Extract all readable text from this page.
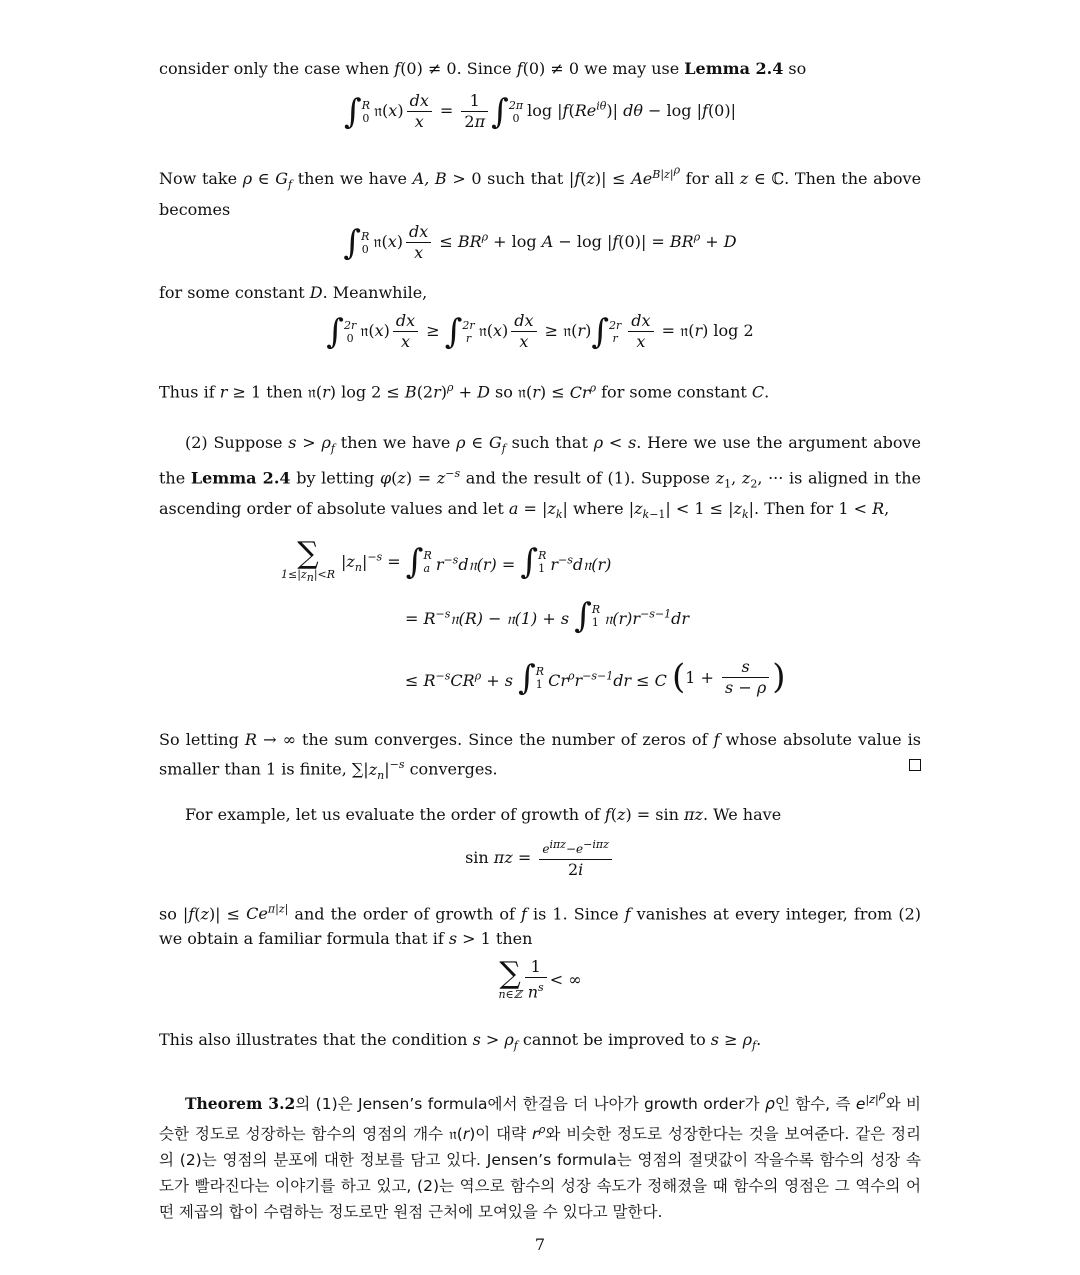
consider only the case when f(0) ≠ 0. Since f(0) ≠ 0 we may use Lemma 2.4 so

∫ R
0 𝔫(x) $\frac{dx}{x} = \frac{1}{2\pi}$ ∫ 2π
0 $\log |f(Re^{i\theta})|$ dθ − log |f(0)|

Now take ρ ∈ $G_f$ then we have A, B > 0 such that $|f(z)| \le Ae^{B|z|^\rho}$ for all z ∈ ℂ. Then the above becomes

∫ R
0 𝔫(x) $\frac{dx}{x} \le BR^\rho + \log A - \log |f(0)| = BR^\rho + D$

for some constant D. Meanwhile,

∫ 2r
0 𝔫(x) $\frac{dx}{x}$ ≥ ∫ 2r
r 𝔫(x) $\frac{dx}{x}$ ≥ 𝔫(r)∫ 2r
r $\frac{dx}{x}$ = 𝔫(r) log 2

Thus if r ≥ 1 then 𝔫(r) $\log 2 \le B(2r)^\rho + D$ so 𝔫(r) ≤ $Cr^\rho$ for some constant C.

(2) Suppose $s > \rho_f$ then we have ρ ∈ $G_f$ such that ρ < s. Here we use the argument above the Lemma 2.4 by letting $\varphi(z) = z^{-s}$ and the result of (1). Suppose $z_1$, $z_2$, ··· is aligned in the ascending order of absolute values and let $a = |z_k|$ where $|z_{k-1}| < 1 \le |z_k|$. Then for 1 < R,

∑
$1\le|z_n|<R$
$|z_n|^{-s}$ = ∫ R
a $r^{-s}d𝔫(r)$ = ∫ R
1 $r^{-s}d𝔫(r)$
= $R^{-s}𝔫(R)$ − 𝔫(1) + s ∫ R
1 $𝔫(r)r^{-s-1}dr$
≤ $R^{-s}CR^\rho + s$ ∫ R
1 $Cr^\rho r^{-s-1}dr \le C$ ($1 + \frac{s}{s - \rho}$ )

So letting R → ∞ the sum converges. Since the number of zeros of f whose absolute value is smaller than 1 is finite, $\sum|z_n|^{-s}$ converges.

For example, let us evaluate the order of growth of f(z) = sin πz. We have

$\sin \pi z = \frac{e^{i\pi z}-e^{-i\pi z}}{2i}$

so $|f(z)| \le Ce^{\pi|z|}$ and the order of growth of f is 1. Since f vanishes at every integer, from (2) we obtain a familiar formula that if s > 1 then

∑
n∈ℤ $\frac{1}{n^s}$ < ∞

This also illustrates that the condition $s > \rho_f$ cannot be improved to $s \ge \rho_f$.

Theorem 3.2의 (1)은 Jensen’s formula에서 한걸음 더 나아가 growth order가 ρ인 함수, 즉 $e^{|z|^\rho}$와 비슷한 정도로 성장하는 함수의 영점의 개수 𝔫(r)이 대략 $r^\rho$와 비슷한 정도로 성장한다는 것을 보여준다. 같은 정리의 (2)는 영점의 분포에 대한 정보를 담고 있다. Jensen’s formula는 영점의 절댓값이 작을수록 함수의 성장 속도가 빨라진다는 이야기를 하고 있고, (2)는 역으로 함수의 성장 속도가 정해졌을 때 함수의 영점은 그 역수의 어떤 제곱의 합이 수렴하는 정도로만 원점 근처에 모여있을 수 있다고 말한다.

7
